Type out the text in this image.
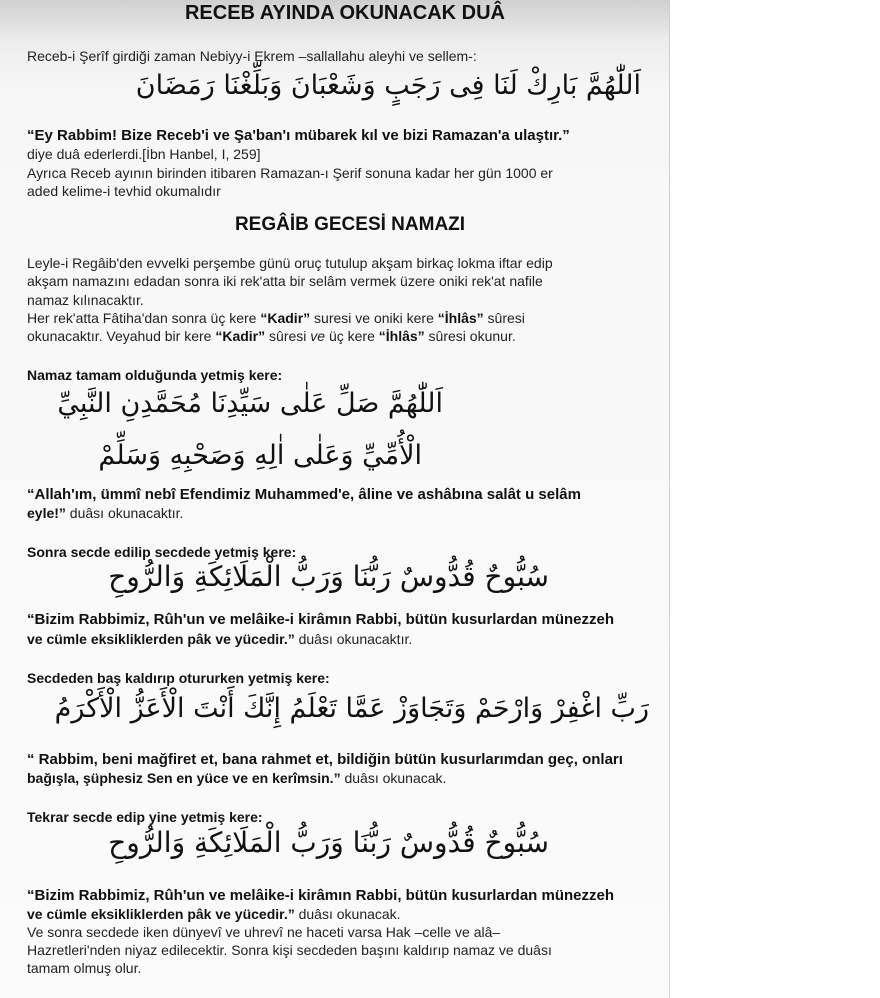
RECEB AYINDA OKUNACAK DUÂ

Receb-i Şerîf girdiği zaman Nebiyy-i Ekrem –sallallahu aleyhi ve sellem-:

اَللّٰهُمَّ بَارِكْ لَنَا فِى رَجَبٍ وَشَعْبَانَ وَبَلِّغْنَا رَمَضَانَ

“Ey Rabbim! Bize Receb'i ve Şa'ban'ı mübarek kıl ve bizi Ramazan'a ulaştır.”

diye duâ ederlerdi.[İbn Hanbel, I, 259]

Ayrıca Receb ayının birinden itibaren Ramazan-ı Şerif sonuna kadar her gün 1000 er

aded kelime-i tevhid okumalıdır

REGÂİB GECESİ NAMAZI

Leyle-i Regâib'den evvelki perşembe günü oruç tutulup akşam birkaç lokma iftar edip

akşam namazını edadan sonra iki rek'atta bir selâm vermek üzere oniki rek'at nafile

namaz kılınacaktır.

Her rek'atta Fâtiha'dan sonra üç kere “Kadir” suresi ve oniki kere “İhlâs” sûresi

okunacaktır. Veyahud bir kere “Kadir” sûresi ve üç kere “İhlâs” sûresi okunur.

Namaz tamam olduğunda yetmiş kere:

اَللّٰهُمَّ صَلِّ عَلٰى سَيِّدِنَا مُحَمَّدِنِ النَّبِيِّ

الْأُمِّيِّ وَعَلٰى اٰلِهِ وَصَحْبِهِ وَسَلِّمْ

“Allah'ım, ümmî nebî Efendimiz Muhammed'e, âline ve ashâbına salât u selâm

eyle!” duâsı okunacaktır.

Sonra secde edilip secdede yetmiş kere:

سُبُّوحٌ قُدُّوسٌ رَبُّنَا وَرَبُّ الْمَلَائِكَةِ وَالرُّوحِ

“Bizim Rabbimiz, Rûh'un ve melâike-i kirâmın Rabbi, bütün kusurlardan münezzeh

ve cümle eksikliklerden pâk ve yücedir.” duâsı okunacaktır.

Secdeden baş kaldırıp otururken yetmiş kere:

رَبِّ اغْفِرْ وَارْحَمْ وَتَجَاوَزْ عَمَّا تَعْلَمُ إِنَّكَ أَنْتَ الْأَعَزُّ الْأَكْرَمُ

“ Rabbim, beni mağfiret et, bana rahmet et, bildiğin bütün kusurlarımdan geç, onları

bağışla, şüphesiz Sen en yüce ve en kerîmsin.” duâsı okunacak.

Tekrar secde edip yine yetmiş kere:

سُبُّوحٌ قُدُّوسٌ رَبُّنَا وَرَبُّ الْمَلَائِكَةِ وَالرُّوحِ

“Bizim Rabbimiz, Rûh'un ve melâike-i kirâmın Rabbi, bütün kusurlardan münezzeh

ve cümle eksikliklerden pâk ve yücedir.” duâsı okunacak.

Ve sonra secdede iken dünyevî ve uhrevî ne haceti varsa Hak –celle ve alâ–

Hazretleri'nden niyaz edilecektir. Sonra kişi secdeden başını kaldırıp namaz ve duâsı

tamam olmuş olur.
